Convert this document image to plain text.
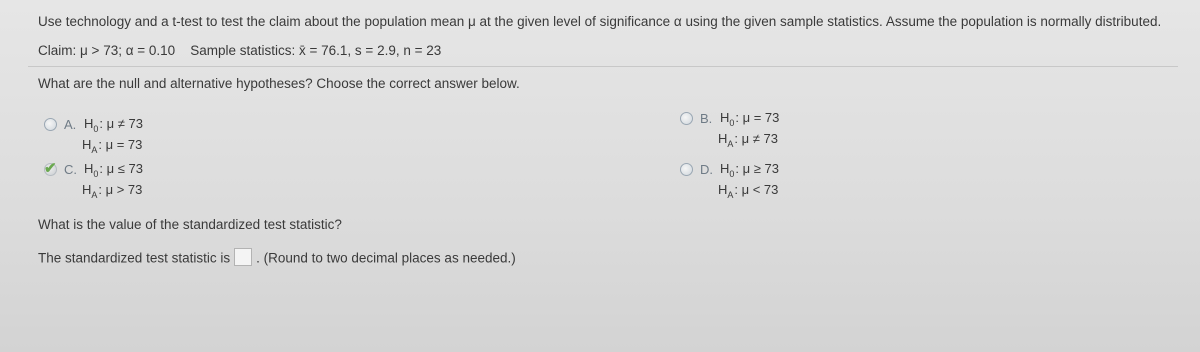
Use technology and a t-test to test the claim about the population mean μ at the given level of significance α using the given sample statistics. Assume the population is normally distributed.
Claim: μ > 73; α = 0.10 Sample statistics: x̄ = 76.1, s = 2.9, n = 23
What are the null and alternative hypotheses? Choose the correct answer below.
A. H 0 : μ ≠ 73
H A : μ = 73
B. H 0 : μ = 73
H A : μ ≠ 73
✔ C. H 0 : μ ≤ 73
H A : μ > 73
D. H 0 : μ ≥ 73
H A : μ < 73
What is the value of the standardized test statistic?
The standardized test statistic is . (Round to two decimal places as needed.)
